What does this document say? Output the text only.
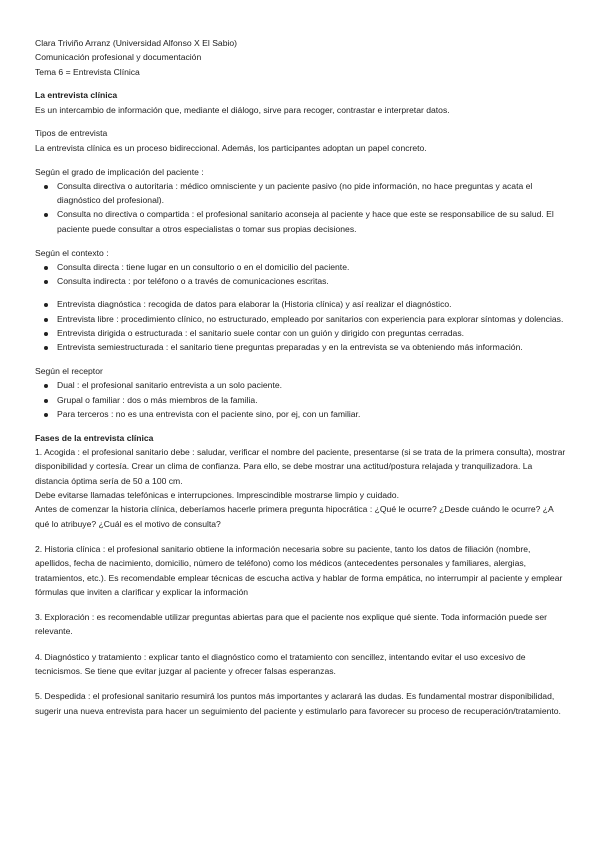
Clara Triviño Arranz (Universidad Alfonso X El Sabio)

Comunicación profesional y documentación

Tema 6 = Entrevista Clínica

La entrevista clínica

Es un intercambio de información que, mediante el diálogo, sirve para recoger, contrastar e interpretar datos.

Tipos de entrevista

La entrevista clínica es un proceso bidireccional. Además, los participantes adoptan un papel concreto.

Según el grado de implicación del paciente :

Consulta directiva o autoritaria : médico omnisciente y un paciente pasivo (no pide información, no hace preguntas y acata el diagnóstico del profesional).
Consulta no directiva o compartida : el profesional sanitario aconseja al paciente y hace que este se responsabilice de su salud. El paciente puede consultar a otros especialistas o tomar sus propias decisiones.

Según el contexto :

Consulta directa : tiene lugar en un consultorio o en el domicilio del paciente.
Consulta indirecta : por teléfono o a través de comunicaciones escritas.
Entrevista diagnóstica : recogida de datos para elaborar la (Historia clínica) y así realizar el diagnóstico.
Entrevista libre : procedimiento clínico, no estructurado, empleado por sanitarios con experiencia para explorar síntomas y dolencias.
Entrevista dirigida o estructurada : el sanitario suele contar con un guión y dirigido con preguntas cerradas.
Entrevista semiestructurada : el sanitario tiene preguntas preparadas y en la entrevista se va obteniendo más información.

Según el receptor

Dual : el profesional sanitario entrevista a un solo paciente.
Grupal o familiar : dos o más miembros de la familia.
Para terceros : no es una entrevista con el paciente sino, por ej, con un familiar.

Fases de la entrevista clínica

1. Acogida : el profesional sanitario debe : saludar, verificar el nombre del paciente, presentarse (si se trata de la primera consulta), mostrar disponibilidad y cortesía. Crear un clima de confianza. Para ello, se debe mostrar una actitud/postura relajada y tranquilizadora. La distancia óptima sería de 50 a 100 cm.

Debe evitarse llamadas telefónicas e interrupciones. Imprescindible mostrarse limpio y cuidado.

Antes de comenzar la historia clínica, deberíamos hacerle primera pregunta hipocrática : ¿Qué le ocurre? ¿Desde cuándo le ocurre? ¿A qué lo atribuye? ¿Cuál es el motivo de consulta?

2. Historia clínica : el profesional sanitario obtiene la información necesaria sobre su paciente, tanto los datos de filiación (nombre, apellidos, fecha de nacimiento, domicilio, número de teléfono) como los médicos (antecedentes personales y familiares, alergias, tratamientos, etc.). Es recomendable emplear técnicas de escucha activa y hablar de forma empática, no interrumpir al paciente y emplear fórmulas que inviten a clarificar y explicar la información

3. Exploración : es recomendable utilizar preguntas abiertas para que el paciente nos explique qué siente. Toda información puede ser relevante.

4. Diagnóstico y tratamiento : explicar tanto el diagnóstico como el tratamiento con sencillez, intentando evitar el uso excesivo de tecnicismos. Se tiene que evitar juzgar al paciente y ofrecer falsas esperanzas.

5. Despedida : el profesional sanitario resumirá los puntos más importantes y aclarará las dudas. Es fundamental mostrar disponibilidad, sugerir una nueva entrevista para hacer un seguimiento del paciente y estimularlo para favorecer su proceso de recuperación/tratamiento.
